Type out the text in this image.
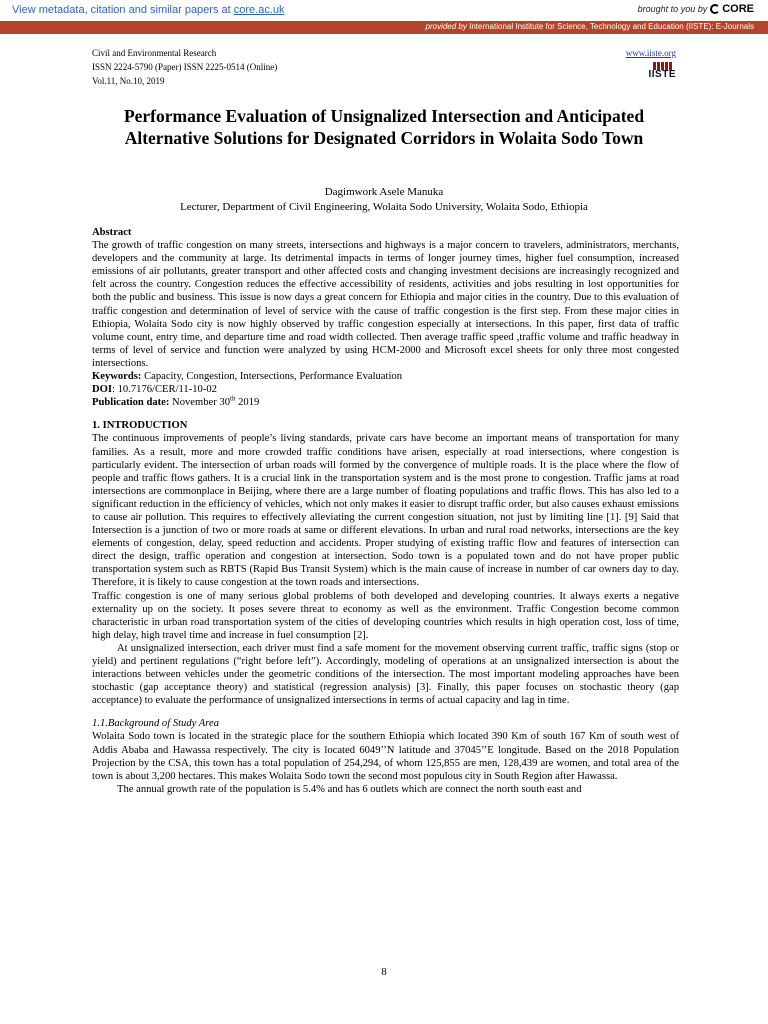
View metadata, citation and similar papers at core.ac.uk	brought to you by CORE
provided by International Institute for Science, Technology and Education (IISTE): E-Journals
Civil and Environmental Research
ISSN 2224-5790 (Paper) ISSN 2225-0514 (Online)
Vol.11, No.10, 2019
www.iiste.org
IISTE
Performance Evaluation of Unsignalized Intersection and Anticipated Alternative Solutions for Designated Corridors in Wolaita Sodo Town
Dagimwork Asele Manuka
Lecturer, Department of Civil Engineering, Wolaita Sodo University, Wolaita Sodo, Ethiopia

Abstract

The growth of traffic congestion on many streets, intersections and highways is a major concern to travelers, administrators, merchants, developers and the community at large. Its detrimental impacts in terms of longer journey times, higher fuel consumption, increased emissions of air pollutants, greater transport and other affected costs and changing investment decisions are increasingly recognized and felt across the country. Congestion reduces the effective accessibility of residents, activities and jobs resulting in lost opportunities for both the public and business. This issue is now days a great concern for Ethiopia and major cities in the country. Due to this evaluation of traffic congestion and determination of level of service with the cause of traffic congestion is the first step. From these major cities in Ethiopia, Wolaita Sodo city is now highly observed by traffic congestion especially at intersections. In this paper, first data of traffic volume count, entry time, and departure time and road width collected. Then average traffic speed ,traffic volume and traffic headway in terms of level of service and function were analyzed by using HCM-2000 and Microsoft excel sheets for only three most congested intersections.

Keywords: Capacity, Congestion, Intersections, Performance Evaluation

DOI: 10.7176/CER/11-10-02

Publication date: November 30th 2019

1. INTRODUCTION

The continuous improvements of people’s living standards, private cars have become an important means of transportation for many families. As a result, more and more crowded traffic conditions have arisen, especially at road intersections, where congestion is particularly evident. The intersection of urban roads will formed by the convergence of multiple roads. It is the place where the flow of people and traffic flows gathers. It is a crucial link in the transportation system and is the most prone to congestion. Traffic jams at road intersections are commonplace in Beijing, where there are a large number of floating populations and traffic flows. This has also led to a significant reduction in the efficiency of vehicles, which not only makes it easier to disrupt traffic order, but also causes exhaust emissions to cause air pollution. This requires to effectively alleviating the current congestion situation, not just by limiting line [1]. [9] Said that Intersection is a junction of two or more roads at same or different elevations. In urban and rural road networks, intersections are the key elements of congestion, delay, speed reduction and accidents. Proper studying of existing traffic flow and features of intersection can direct the design, traffic operation and congestion at intersection. Sodo town is a populated town and do not have proper public transportation system such as RBTS (Rapid Bus Transit System) which is the main cause of increase in number of car owners day to day. Therefore, it is likely to cause congestion at the town roads and intersections.

Traffic congestion is one of many serious global problems of both developed and developing countries. It always exerts a negative externality up on the society. It poses severe threat to economy as well as the environment. Traffic Congestion become common characteristic in urban road transportation system of the cities of developing countries which results in high operation cost, loss of time, high delay, high travel time and increase in fuel consumption [2].

At unsignalized intersection, each driver must find a safe moment for the movement observing current traffic, traffic signs (stop or yield) and pertinent regulations (“right before left”). Accordingly, modeling of operations at an unsignalized intersection is about the interactions between vehicles under the geometric conditions of the intersection. The most important modeling approaches have been stochastic (gap acceptance theory) and statistical (regression analysis) [3]. Finally, this paper focuses on stochastic theory (gap acceptance) to evaluate the performance of unsignalized intersections in terms of actual capacity and lag in time.

1.1.Background of Study Area

Wolaita Sodo town is located in the strategic place for the southern Ethiopia which located 390 Km of south 167 Km of south west of Addis Ababa and Hawassa respectively. The city is located 6049’’N latitude and 37045’’E longitude. Based on the 2018 Population Projection by the CSA, this town has a total population of 254,294, of whom 125,855 are men, 128,439 are women, and total area of the town is about 3,200 hectares. This makes Wolaita Sodo town the second most populous city in South Region after Hawassa.

The annual growth rate of the population is 5.4% and has 6 outlets which are connect the north south east and

8
